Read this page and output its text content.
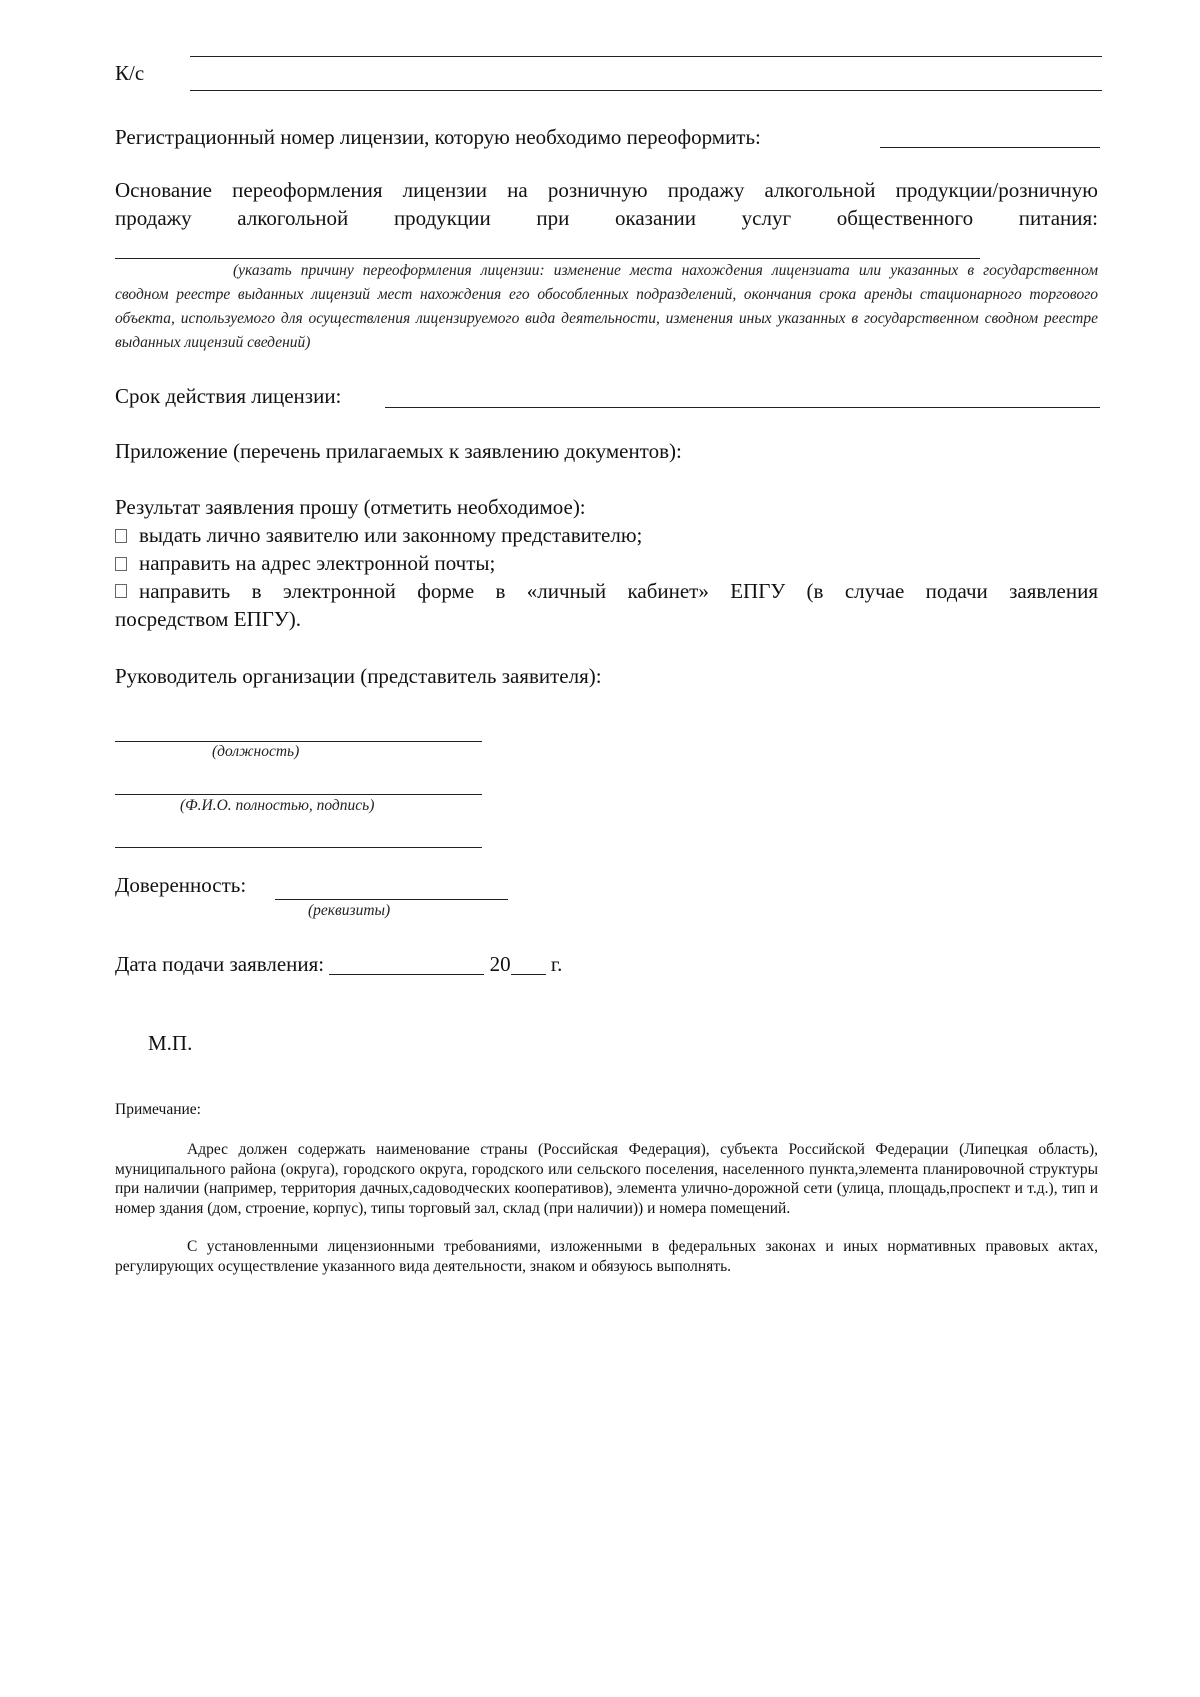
К/с
Регистрационный номер лицензии, которую необходимо переоформить:
Основание переоформления лицензии на розничную продажу алкогольной продукции/розничную
продажу алкогольной продукции при оказании услуг общественного питания:
(указать причину переоформления лицензии: изменение места нахождения лицензиата или указанных в государственном сводном реестре выданных лицензий мест нахождения его обособленных подразделений, окончания срока аренды стационарного торгового объекта, используемого для осуществления лицензируемого вида деятельности, изменения иных указанных в государственном сводном реестре выданных лицензий сведений)
Срок действия лицензии:
Приложение (перечень прилагаемых к заявлению документов):
Результат заявления прошу (отметить необходимое):
выдать лично заявителю или законному представителю;
направить на адрес электронной почты;
направить в электронной форме в «личный кабинет» ЕПГУ (в случае подачи заявления
посредством ЕПГУ).
Руководитель организации (представитель заявителя):
(должность)
(Ф.И.О. полностью, подпись)
Доверенность:
(реквизиты)
Дата подачи заявления:	20 г.
М.П.
Примечание:
Адрес должен содержать наименование страны (Российская Федерация), субъекта Российской Федерации (Липецкая область), муниципального района (округа), городского округа, городского или сельского поселения, населенного пункта,элемента планировочной структуры при наличии (например, территория дачных,садоводческих кооперативов), элемента улично-дорожной сети (улица, площадь,проспект и т.д.), тип и номер здания (дом, строение, корпус), типы торговый зал, склад (при наличии)) и номера помещений.
С установленными лицензионными требованиями, изложенными в федеральных законах и иных нормативных правовых актах, регулирующих осуществление указанного вида деятельности, знаком и обязуюсь выполнять.
